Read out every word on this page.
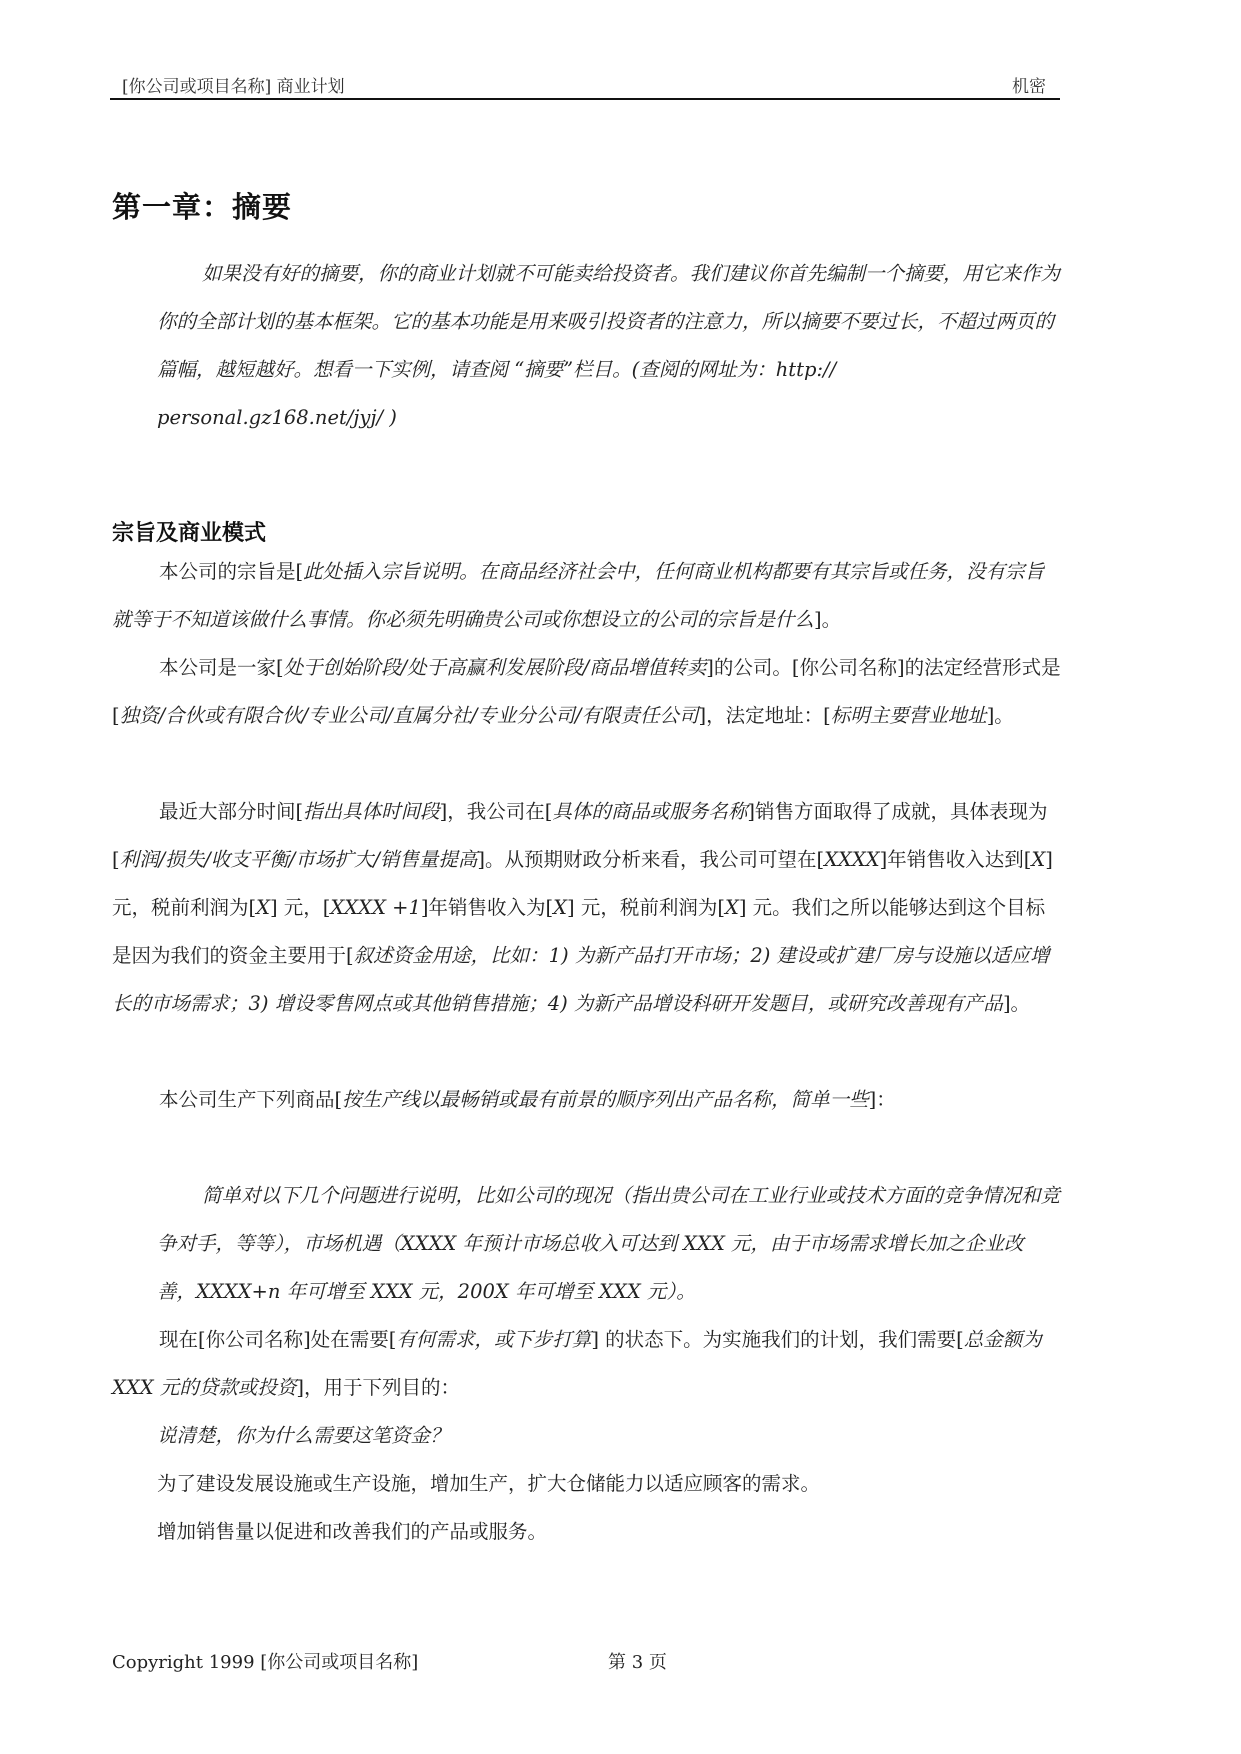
[你公司或项目名称] 商业计划	机密
第一章：摘要
如果没有好的摘要，你的商业计划就不可能卖给投资者。我们建议你首先编制一个摘要，用它来作为你的全部计划的基本框架。它的基本功能是用来吸引投资者的注意力，所以摘要不要过长，不超过两页的篇幅，越短越好。想看一下实例，请查阅 “摘要”栏目。(查阅的网址为：http:// personal.gz168.net/jyj/ )
宗旨及商业模式
本公司的宗旨是[此处插入宗旨说明。在商品经济社会中，任何商业机构都要有其宗旨或任务，没有宗旨就等于不知道该做什么事情。你必须先明确贵公司或你想设立的公司的宗旨是什么]。
本公司是一家[处于创始阶段/处于高赢利发展阶段/商品增值转卖]的公司。[你公司名称]的法定经营形式是[独资/合伙或有限合伙/专业公司/直属分社/专业分公司/有限责任公司]，法定地址：[标明主要营业地址]。
最近大部分时间[指出具体时间段]，我公司在[具体的商品或服务名称]销售方面取得了成就，具体表现为[利润/损失/收支平衡/市场扩大/销售量提高]。从预期财政分析来看，我公司可望在[XXXX]年销售收入达到[X]元，税前利润为[X] 元，[XXXX +1]年销售收入为[X] 元，税前利润为[X] 元。我们之所以能够达到这个目标是因为我们的资金主要用于[叙述资金用途，比如：1) 为新产品打开市场；2) 建设或扩建厂房与设施以适应增长的市场需求；3) 增设零售网点或其他销售措施；4) 为新产品增设科研开发题目，或研究改善现有产品]。
本公司生产下列商品[按生产线以最畅销或最有前景的顺序列出产品名称，简单一些]：
简单对以下几个问题进行说明，比如公司的现况（指出贵公司在工业行业或技术方面的竞争情况和竞争对手，等等），市场机遇（XXXX 年预计市场总收入可达到 XXX 元，由于市场需求增长加之企业改善，XXXX+n 年可增至 XXX 元，200X 年可增至 XXX 元）。
现在[你公司名称]处在需要[有何需求，或下步打算] 的状态下。为实施我们的计划，我们需要[总金额为 XXX 元的贷款或投资]，用于下列目的：
说清楚，你为什么需要这笔资金？
为了建设发展设施或生产设施，增加生产，扩大仓储能力以适应顾客的需求。
增加销售量以促进和改善我们的产品或服务。
Copyright 1999 [你公司或项目名称]	第 3 页
